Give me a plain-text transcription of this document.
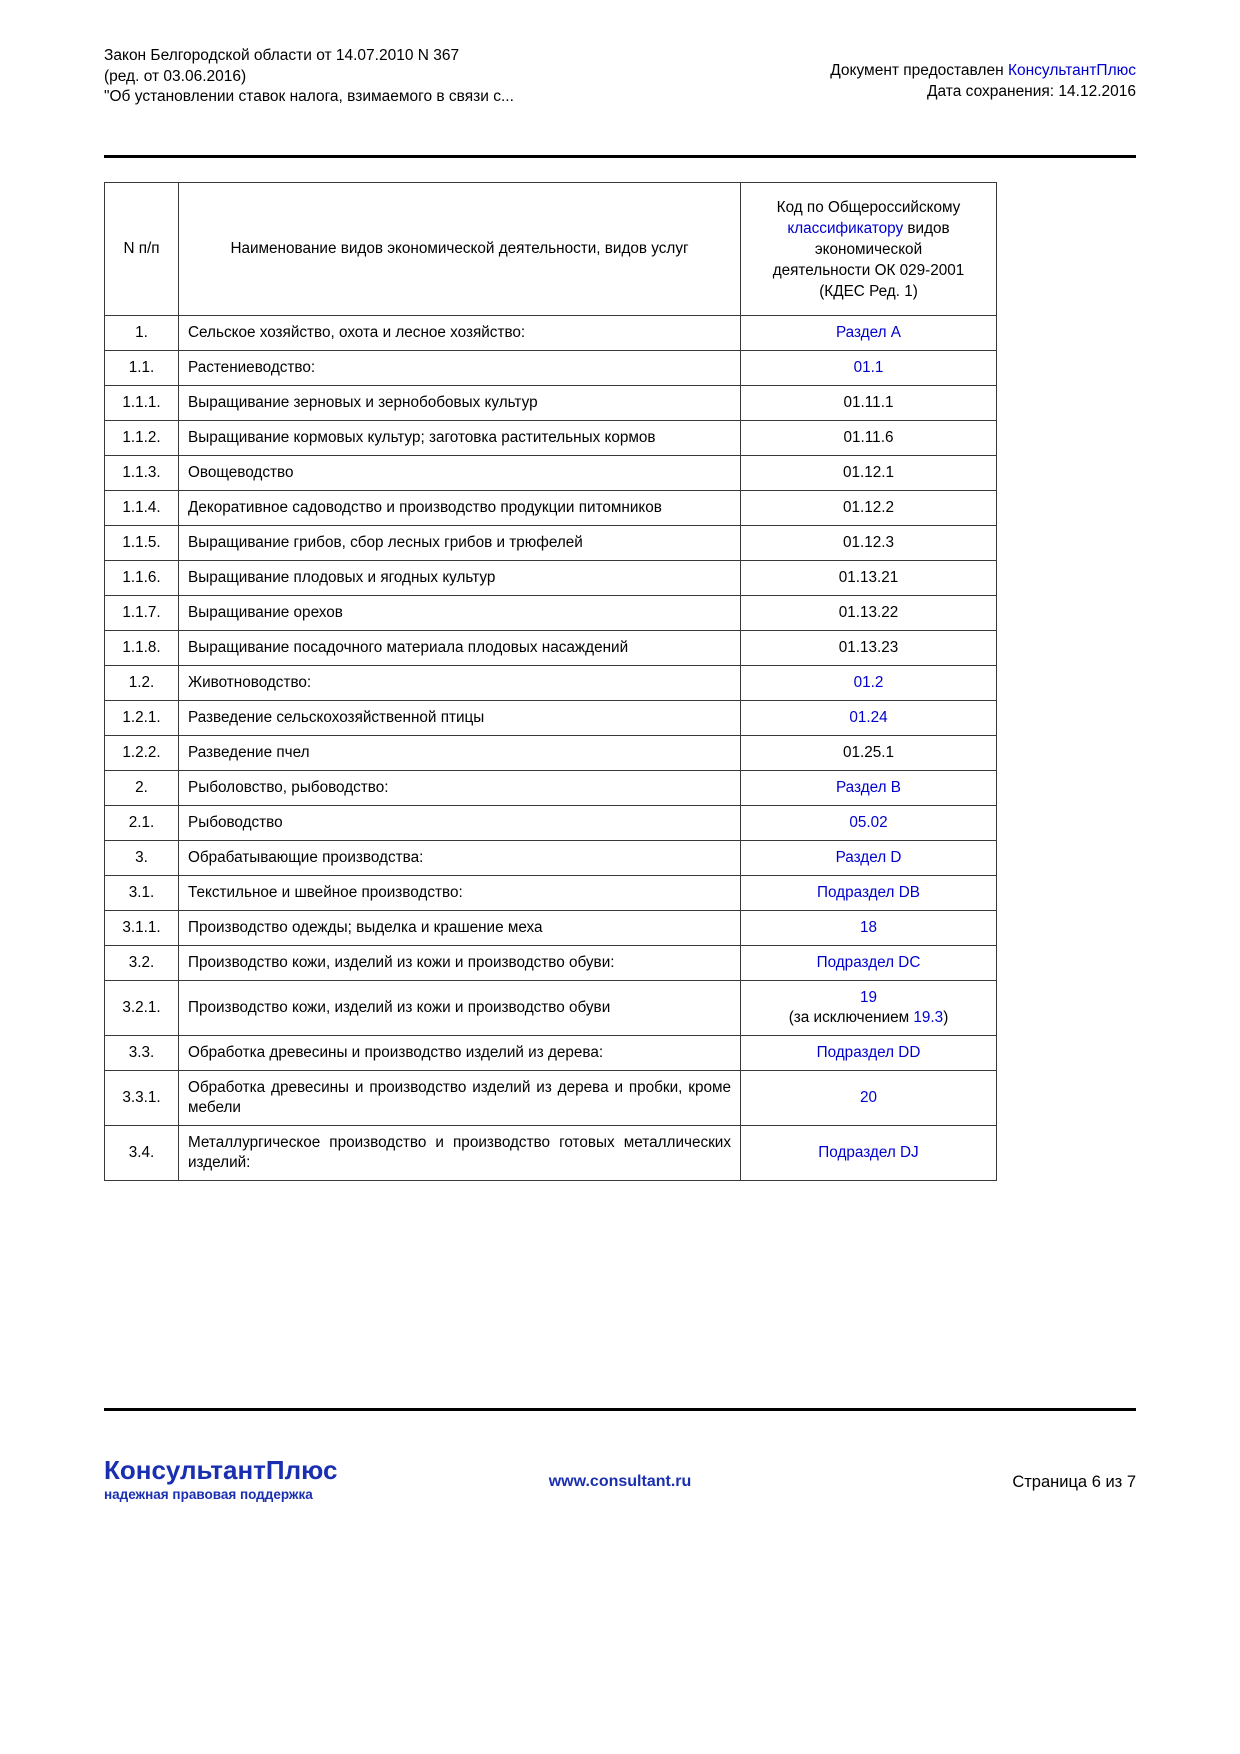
Закон Белгородской области от 14.07.2010 N 367
(ред. от 03.06.2016)
"Об установлении ставок налога, взимаемого в связи с...
Документ предоставлен КонсультантПлюс
Дата сохранения: 14.12.2016
N п/п	Наименование видов экономической деятельности, видов услуг	Код по Общероссийскому
классификатору видов
экономической
деятельности ОК 029-2001
(КДЕС Ред. 1)

1.	Сельское хозяйство, охота и лесное хозяйство:	Раздел A
1.1.	Растениеводство:	01.1
1.1.1.	Выращивание зерновых и зернобобовых культур	01.11.1
1.1.2.	Выращивание кормовых культур; заготовка растительных кормов	01.11.6
1.1.3.	Овощеводство	01.12.1
1.1.4.	Декоративное садоводство и производство продукции питомников	01.12.2
1.1.5.	Выращивание грибов, сбор лесных грибов и трюфелей	01.12.3
1.1.6.	Выращивание плодовых и ягодных культур	01.13.21
1.1.7.	Выращивание орехов	01.13.22
1.1.8.	Выращивание посадочного материала плодовых насаждений	01.13.23
1.2.	Животноводство:	01.2
1.2.1.	Разведение сельскохозяйственной птицы	01.24
1.2.2.	Разведение пчел	01.25.1
2.	Рыболовство, рыбоводство:	Раздел B
2.1.	Рыбоводство	05.02
3.	Обрабатывающие производства:	Раздел D
3.1.	Текстильное и швейное производство:	Подраздел DB
3.1.1.	Производство одежды; выделка и крашение меха	18
3.2.	Производство кожи, изделий из кожи и производство обуви:	Подраздел DC
3.2.1.	Производство кожи, изделий из кожи и производство обуви	19
(за исключением 19.3)

3.3.	Обработка древесины и производство изделий из дерева:	Подраздел DD
3.3.1.	Обработка древесины и производство изделий из дерева и пробки, кроме мебели	20
3.4.	Металлургическое производство и производство готовых металлических изделий:	Подраздел DJ
КонсультантПлюс
надежная правовая поддержка
www.consultant.ru	Страница 6 из 7
